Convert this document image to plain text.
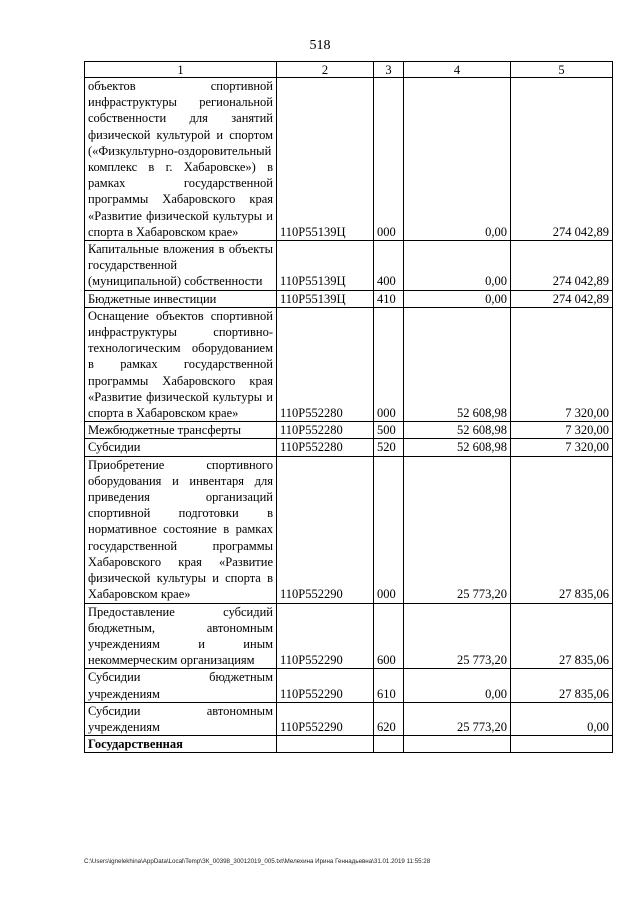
518
1	2	3	4	5
объектов спортивной инфраструктуры региональной собственности для занятий физической культурой и спортом («Физкультурно-оздоровительный комплекс в г. Хабаровске») в рамках государственной программы Хабаровского края «Развитие физической культуры и спорта в Хабаровском крае»	110Р55139Ц	000	0,00	274 042,89
Капитальные вложения в объекты государственной (муниципальной) собственности	110Р55139Ц	400	0,00	274 042,89
Бюджетные инвестиции	110Р55139Ц	410	0,00	274 042,89
Оснащение объектов спортивной инфраструктуры спортивно-технологическим оборудованием в рамках государственной программы Хабаровского края «Развитие физической культуры и спорта в Хабаровском крае»	110Р552280	000	52 608,98	7 320,00
Межбюджетные трансферты	110Р552280	500	52 608,98	7 320,00
Субсидии	110Р552280	520	52 608,98	7 320,00
Приобретение спортивного оборудования и инвентаря для приведения организаций спортивной подготовки в нормативное состояние в рамках государственной программы Хабаровского края «Развитие физической культуры и спорта в Хабаровском крае»	110Р552290	000	25 773,20	27 835,06
Предоставление субсидий бюджетным, автономным учреждениям и иным некоммерческим организациям	110Р552290	600	25 773,20	27 835,06
Субсидии бюджетным учреждениям	110Р552290	610	0,00	27 835,06
Субсидии автономным учреждениям	110Р552290	620	25 773,20	0,00
Государственная				
C:\Users\ignelekhina\AppData\Local\Temp\ЗК_00398_30012019_005.txt\Мелехина Ирина Геннадьевна\31.01.2019 11:55:28
